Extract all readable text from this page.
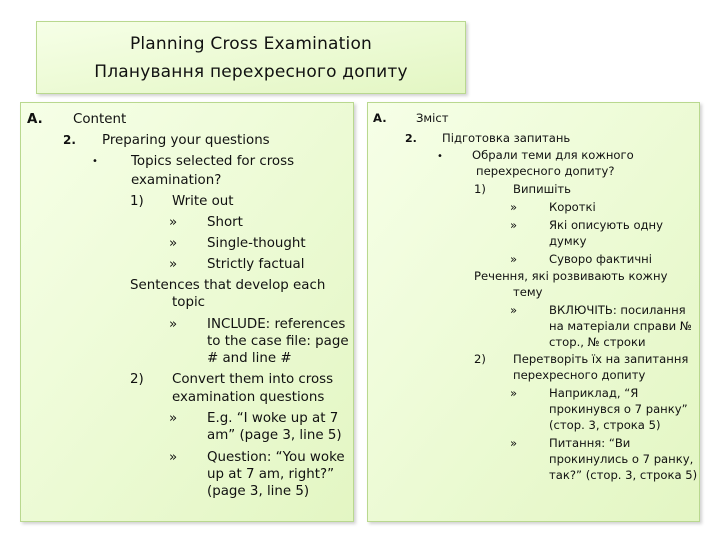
Planning Cross Examination
Планування перехресного допиту
A. Content
2. Preparing your questions
• Topics selected for cross
examination?
1) Write out
» Short
» Single-thought
» Strictly factual
Sentences that develop each
topic
» INCLUDE: references
to the case file: page
# and line #
2) Convert them into cross
examination questions
» E.g. “I woke up at 7
am” (page 3, line 5)
» Question: “You woke
up at 7 am, right?”
(page 3, line 5)
A.	Зміст
2. Підготовка запитань
•	Обрали теми для кожного
перехресного допиту?
1) Випишіть
»	Короткі
»	Які описують одну
думку
»	Суворо фактичні
Речення, які розвивають кожну
тему
»	ВКЛЮЧІТЬ: посилання
на матеріали справи №
стор., № строки
2) Перетворіть їх на запитання
перехресного допиту
»	Наприклад, “Я
прокинувся о 7 ранку”
(стор. 3, строка 5)
»	Питання: “Ви
прокинулись о 7 ранку,
так?” (стор. 3, строка 5)
